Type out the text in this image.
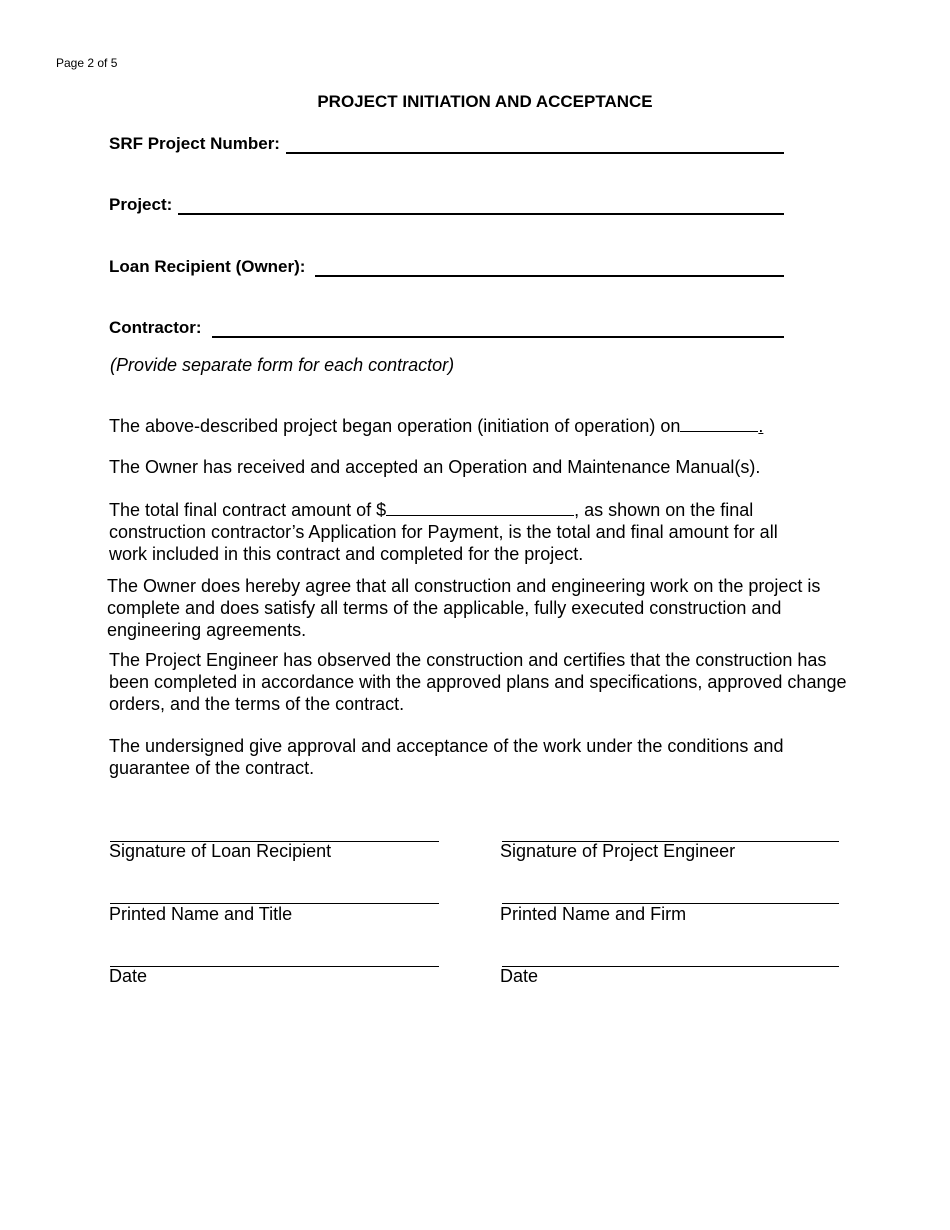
Page 2 of 5
PROJECT INITIATION AND ACCEPTANCE
SRF Project Number:
Project:
Loan Recipient (Owner):
Contractor:
(Provide separate form for each contractor)
The above-described project began operation (initiation of operation) on	.
The Owner has received and accepted an Operation and Maintenance Manual(s).
The total final contract amount of $	, as shown on the final construction contractor’s Application for Payment, is the total and final amount for all work included in this contract and completed for the project.
The Owner does hereby agree that all construction and engineering work on the project is complete and does satisfy all terms of the applicable, fully executed construction and engineering agreements.
The Project Engineer has observed the construction and certifies that the construction has been completed in accordance with the approved plans and specifications, approved change orders, and the terms of the contract.
The undersigned give approval and acceptance of the work under the conditions and guarantee of the contract.
Signature of Loan Recipient
Printed Name and Title
Date
Signature of Project Engineer
Printed Name and Firm
Date
